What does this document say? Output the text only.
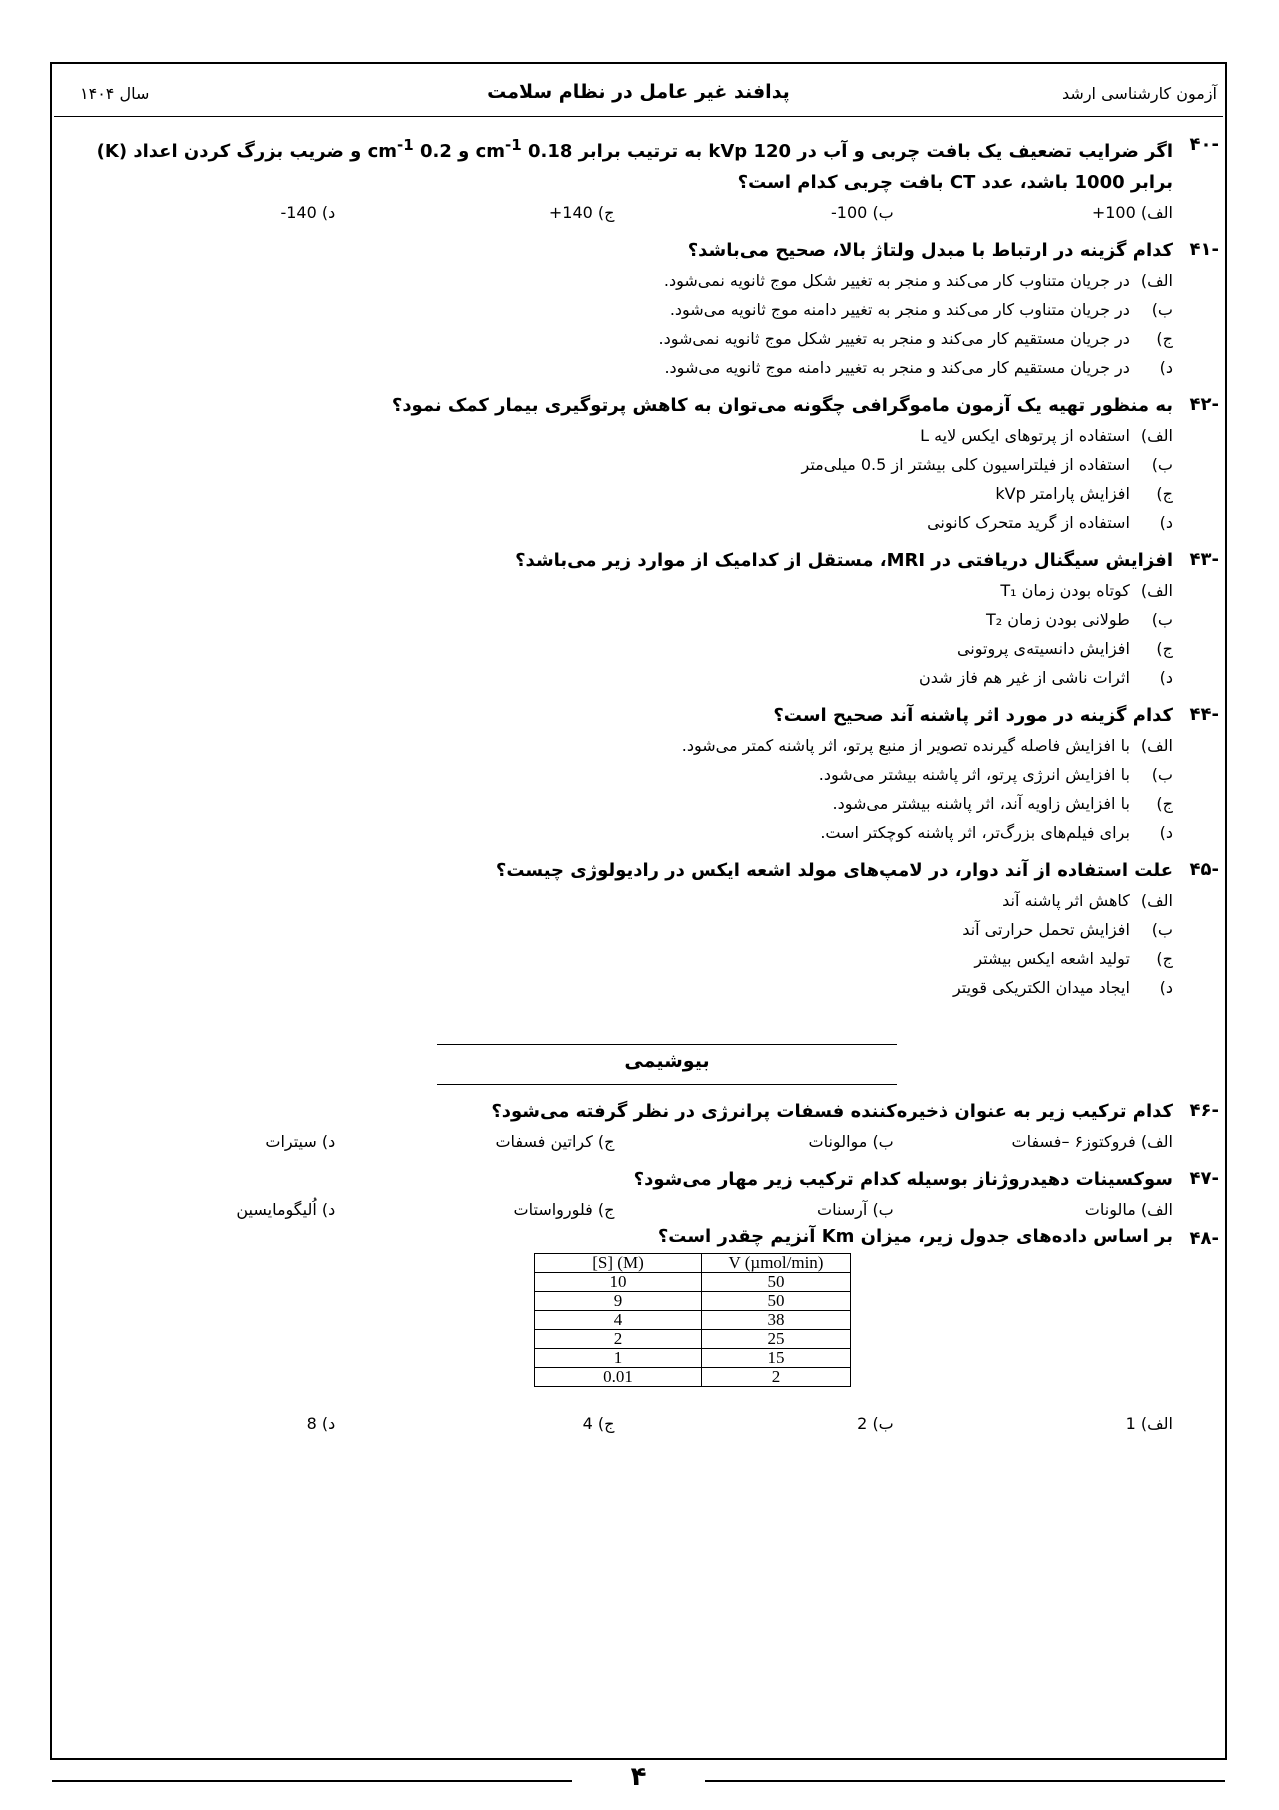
آزمون کارشناسی ارشد
پدافند غیر عامل در نظام سلامت
سال ۱۴۰۴
-۴۰
اگر ضرایب تضعیف یک بافت چربی و آب در 120 kVp به ترتیب برابر 0.18 $cm^{-1}$ و 0.2 $cm^{-1}$ و ضریب بزرگ کردن اعداد (K) برابر 1000 باشد، عدد CT بافت چربی کدام است؟
الف) +100
ب) -100
ج) +140
د) -140
-۴۱
کدام گزینه در ارتباط با مبدل ولتاژ بالا، صحیح می‌باشد؟
الف) در جریان متناوب کار می‌کند و منجر به تغییر شکل موج ثانویه نمی‌شود.
ب) در جریان متناوب کار می‌کند و منجر به تغییر دامنه موج ثانویه می‌شود.
ج) در جریان مستقیم کار می‌کند و منجر به تغییر شکل موج ثانویه نمی‌شود.
د) در جریان مستقیم کار می‌کند و منجر به تغییر دامنه موج ثانویه می‌شود.
-۴۲
به منظور تهیه یک آزمون ماموگرافی چگونه می‌توان به کاهش پرتوگیری بیمار کمک نمود؟
الف) استفاده از پرتوهای ایکس لایه L
ب) استفاده از فیلتراسیون کلی بیشتر از 0.5 میلی‌متر
ج) افزایش پارامتر kVp
د) استفاده از گرید متحرک کانونی
-۴۳
افزایش سیگنال دریافتی در MRI، مستقل از کدامیک از موارد زیر می‌باشد؟
الف) کوتاه بودن زمان T₁
ب) طولانی بودن زمان T₂
ج) افزایش دانسیته‌ی پروتونی
د) اثرات ناشی از غیر هم فاز شدن
-۴۴
کدام گزینه در مورد اثر پاشنه آند صحیح است؟
الف) با افزایش فاصله گیرنده تصویر از منبع پرتو، اثر پاشنه کمتر می‌شود.
ب) با افزایش انرژی پرتو، اثر پاشنه بیشتر می‌شود.
ج) با افزایش زاویه آند، اثر پاشنه بیشتر می‌شود.
د) برای فیلم‌های بزرگ‌تر، اثر پاشنه کوچکتر است.
-۴۵
علت استفاده از آند دوار، در لامپ‌های مولد اشعه ایکس در رادیولوژی چیست؟
الف) کاهش اثر پاشنه آند
ب) افزایش تحمل حرارتی آند
ج) تولید اشعه ایکس بیشتر
د) ایجاد میدان الکتریکی قویتر
بیوشیمی
-۴۶
کدام ترکیب زیر به عنوان ذخیره‌کننده فسفات پرانرژی در نظر گرفته می‌شود؟
الف) فروکتوز۶ –فسفات
ب) موالونات
ج) کراتین فسفات
د) سیترات
-۴۷
سوکسینات دهیدروژناز بوسیله کدام ترکیب زیر مهار می‌شود؟
الف) مالونات
ب) آرسنات
ج) فلورواستات
د) اُلیگومایسین
-۴۸
بر اساس داده‌های جدول زیر، میزان Km آنزیم چقدر است؟
[S] (M)	V (µmol/min)
10	50
9	50
4	38
2	25
1	15
0.01	2
الف) 1
ب) 2
ج) 4
د) 8
۴
